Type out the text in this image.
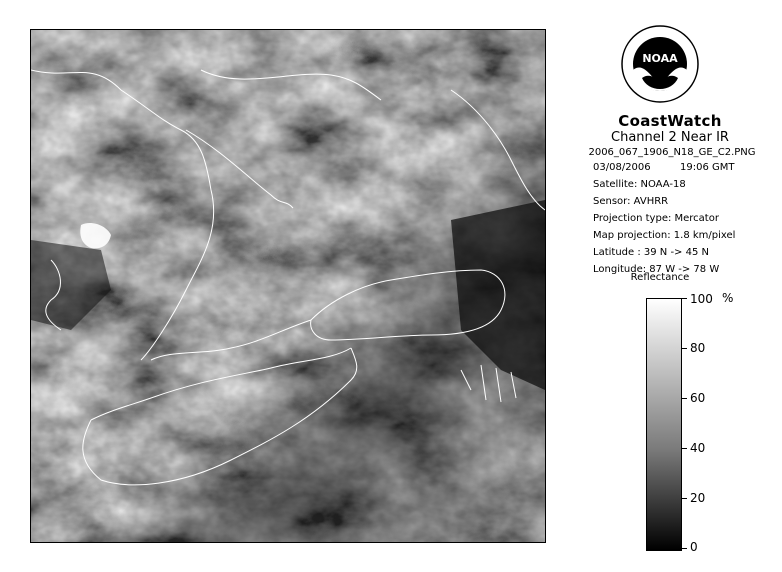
NOAA
CoastWatch
Channel 2 Near IR
2006_067_1906_N18_GE_C2.PNG
03/08/2006	19:06 GMT
Satellite: NOAA-18
Sensor: AVHRR
Projection type: Mercator
Map projection: 1.8 km/pixel
Latitude : 39 N -> 45 N
Longitude: 87 W -> 78 W
Reflectance
%
100
80
60
40
20
0
